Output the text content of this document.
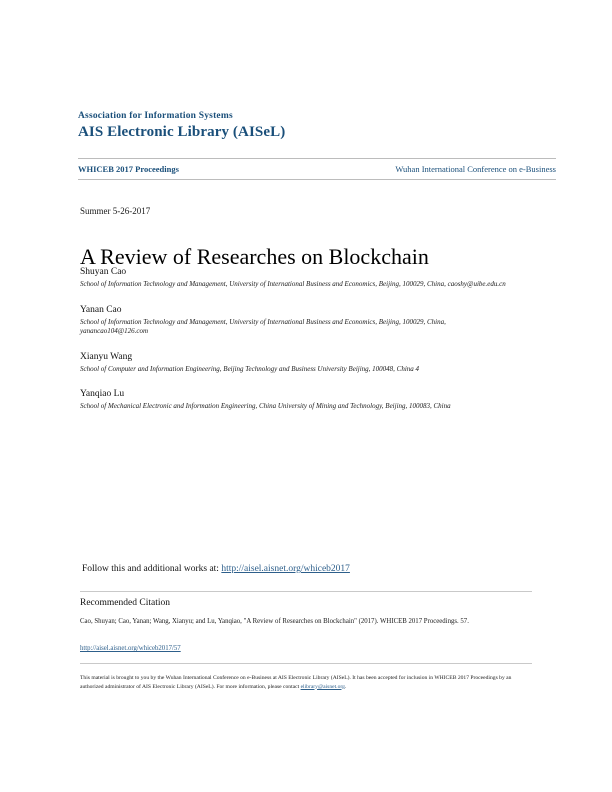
Association for Information Systems
AIS Electronic Library (AISeL)
WHICEB 2017 Proceedings	Wuhan International Conference on e-Business
Summer 5-26-2017
A Review of Researches on Blockchain
Shuyan Cao
School of Information Technology and Management, University of International Business and Economics, Beijing, 100029, China, caoshy@uibe.edu.cn
Yanan Cao
School of Information Technology and Management, University of International Business and Economics, Beijing, 100029, China, yanancao104@126.com
Xianyu Wang
School of Computer and Information Engineering, Beijing Technology and Business University Beijing, 100048, China 4
Yanqiao Lu
School of Mechanical Electronic and Information Engineering, China University of Mining and Technology, Beijing, 100083, China
Follow this and additional works at: http://aisel.aisnet.org/whiceb2017
Recommended Citation
Cao, Shuyan; Cao, Yanan; Wang, Xianyu; and Lu, Yanqiao, "A Review of Researches on Blockchain" (2017). WHICEB 2017 Proceedings. 57.
http://aisel.aisnet.org/whiceb2017/57
This material is brought to you by the Wuhan International Conference on e-Business at AIS Electronic Library (AISeL). It has been accepted for inclusion in WHICEB 2017 Proceedings by an authorized administrator of AIS Electronic Library (AISeL). For more information, please contact elibrary@aisnet.org.
